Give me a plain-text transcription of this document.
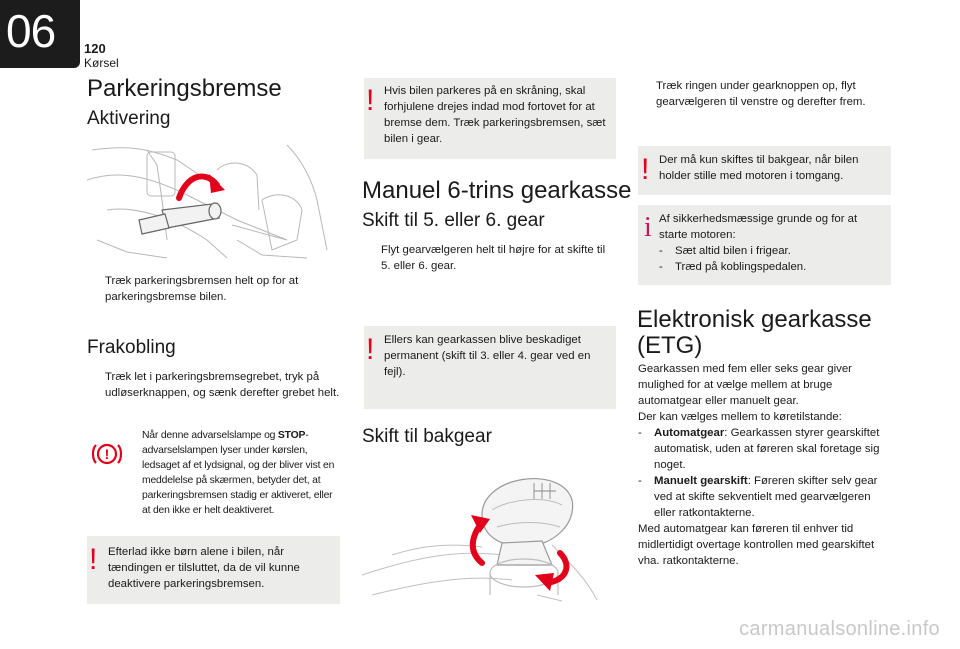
06	120
Kørsel
Parkeringsbremse
Aktivering
Træk parkeringsbremsen helt op for at parkeringsbremse bilen.
Frakobling
Træk let i parkeringsbremsegrebet, tryk på udløserknappen, og sænk derefter grebet helt.
!
Når denne advarselslampe og STOP-advarselslampen lyser under kørslen, ledsaget af et lydsignal, og der bliver vist en meddelelse på skærmen, betyder det, at parkeringsbremsen stadig er aktiveret, eller at den ikke er helt deaktiveret.
! Efterlad ikke børn alene i bilen, når tændingen er tilsluttet, da de vil kunne deaktivere parkeringsbremsen.
! Hvis bilen parkeres på en skråning, skal forhjulene drejes indad mod fortovet for at bremse dem. Træk parkeringsbremsen, sæt bilen i gear.
Manuel 6-trins gearkasse
Skift til 5. eller 6. gear
Flyt gearvælgeren helt til højre for at skifte til 5. eller 6. gear.
! Ellers kan gearkassen blive beskadiget permanent (skift til 3. eller 4. gear ved en fejl).
Skift til bakgear
Træk ringen under gearknoppen op, flyt gearvælgeren til venstre og derefter frem.
! Der må kun skiftes til bakgear, når bilen holder stille med motoren i tomgang.
i Af sikkerhedsmæssige grunde og for at starte motoren:
-	Sæt altid bilen i frigear.
-	Træd på koblingspedalen.
Elektronisk gearkasse
(ETG)
Gearkassen med fem eller seks gear giver mulighed for at vælge mellem at bruge automatgear eller manuelt gear.
Der kan vælges mellem to køretilstande:
-	Automatgear: Gearkassen styrer gearskiftet automatisk, uden at føreren skal foretage sig noget.
-	Manuelt gearskift: Føreren skifter selv gear ved at skifte sekventielt med gearvælgeren eller ratkontakterne.
Med automatgear kan føreren til enhver tid midlertidigt overtage kontrollen med gearskiftet vha. ratkontakterne.
carmanualsonline.info
